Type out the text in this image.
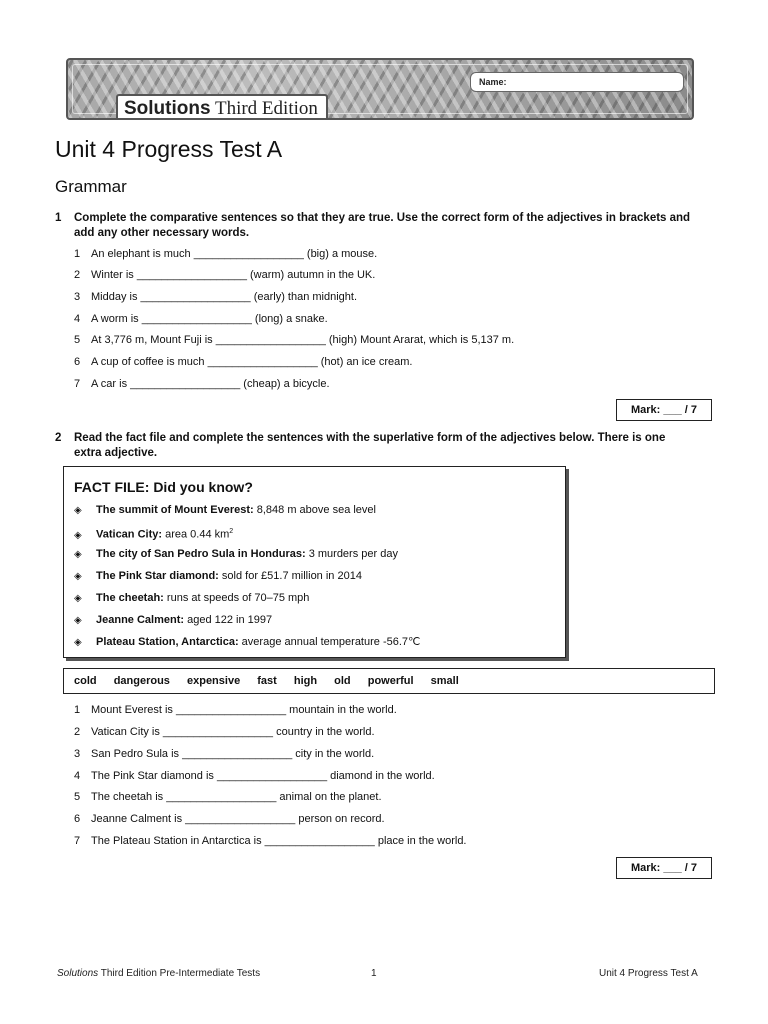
Name:
Solutions Third Edition
Unit 4 Progress Test A
Grammar
1	Complete the comparative sentences so that they are true. Use the correct form of the adjectives in brackets and add any other necessary words.
1 An elephant is much __________________ (big) a mouse.
2 Winter is __________________ (warm) autumn in the UK.
3 Midday is __________________ (early) than midnight.
4 A worm is __________________ (long) a snake.
5 At 3,776 m, Mount Fuji is __________________ (high) Mount Ararat, which is 5,137 m.
6 A cup of coffee is much __________________ (hot) an ice cream.
7 A car is __________________ (cheap) a bicycle.
Mark: ___ / 7
2	Read the fact file and complete the sentences with the superlative form of the adjectives below. There is one extra adjective.
FACT FILE: Did you know?
◈ The summit of Mount Everest: 8,848 m above sea level
◈ Vatican City: area 0.44 $km^2$
◈ The city of San Pedro Sula in Honduras: 3 murders per day
◈ The Pink Star diamond: sold for £51.7 million in 2014
◈ The cheetah: runs at speeds of 70–75 mph
◈ Jeanne Calment: aged 122 in 1997
◈ Plateau Station, Antarctica: average annual temperature -56.7℃
cold dangerous expensive fast high old powerful small
1 Mount Everest is __________________ mountain in the world.
2 Vatican City is __________________ country in the world.
3 San Pedro Sula is __________________ city in the world.
4 The Pink Star diamond is __________________ diamond in the world.
5 The cheetah is __________________ animal on the planet.
6 Jeanne Calment is __________________ person on record.
7 The Plateau Station in Antarctica is __________________ place in the world.
Mark: ___ / 7
Solutions Third Edition Pre-Intermediate Tests	1	Unit 4 Progress Test A
